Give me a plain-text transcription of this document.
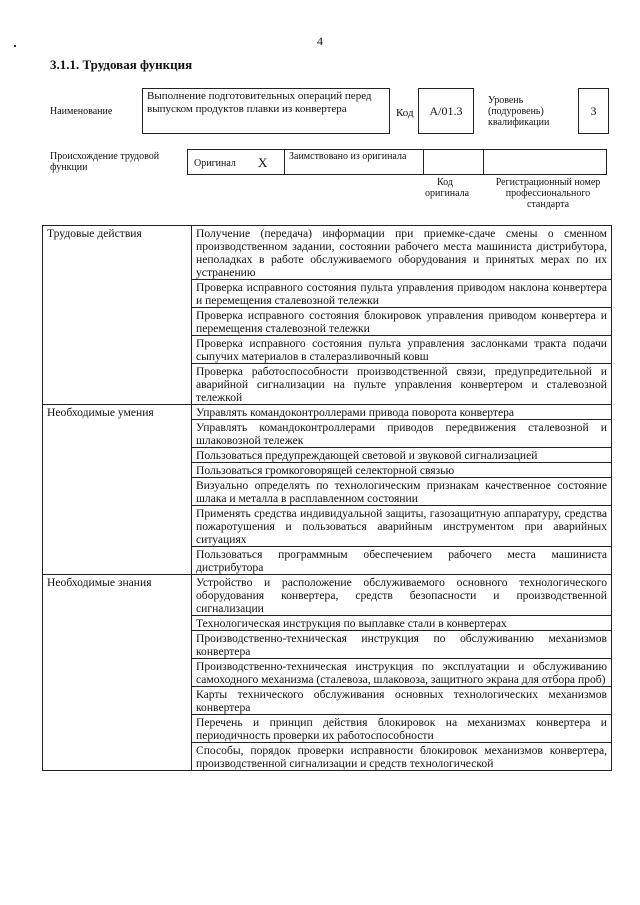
4
3.1.1. Трудовая функция
Наименование
Выполнение подготовительных операций перед выпуском продуктов плавки из конвертера	Код	A/01.3
Уровень (подуровень) квалификации
3
Происхождение трудовой функции	Оригинал X Заимствовано из оригинала
Код оригинала
Регистрационный номер профессионального стандарта
Трудовые действия	Получение (передача) информации при приемке-сдаче смены о сменном производственном задании, состоянии рабочего места машиниста дистрибутора, неполадках в работе обслуживаемого оборудования и принятых мерах по их устранению
	Проверка исправного состояния пульта управления приводом наклона конвертера и перемещения сталевозной тележки
	Проверка исправного состояния блокировок управления приводом конвертера и перемещения сталевозной тележки
	Проверка исправного состояния пульта управления заслонками тракта подачи сыпучих материалов в сталеразливочный ковш
	Проверка работоспособности производственной связи, предупредительной и аварийной сигнализации на пульте управления конвертером и сталевозной тележкой
Необходимые умения	Управлять командоконтроллерами привода поворота конвертера
	Управлять командоконтроллерами приводов передвижения сталевозной и шлаковозной тележек
	Пользоваться предупреждающей световой и звуковой сигнализацией
	Пользоваться громкоговорящей селекторной связью
	Визуально определять по технологическим признакам качественное состояние шлака и металла в расплавленном состоянии
	Применять средства индивидуальной защиты, газозащитную аппаратуру, средства пожаротушения и пользоваться аварийным инструментом при аварийных ситуациях
	Пользоваться программным обеспечением рабочего места машиниста дистрибутора
Необходимые знания	Устройство и расположение обслуживаемого основного технологического оборудования конвертера, средств безопасности и производственной сигнализации
	Технологическая инструкция по выплавке стали в конвертерах
	Производственно-техническая инструкция по обслуживанию механизмов конвертера
	Производственно-техническая инструкция по эксплуатации и обслуживанию самоходного механизма (сталевоза, шлаковоза, защитного экрана для отбора проб)
	Карты технического обслуживания основных технологических механизмов конвертера
	Перечень и принцип действия блокировок на механизмах конвертера и периодичность проверки их работоспособности
	Способы, порядок проверки исправности блокировок механизмов конвертера, производственной сигнализации и средств технологической
